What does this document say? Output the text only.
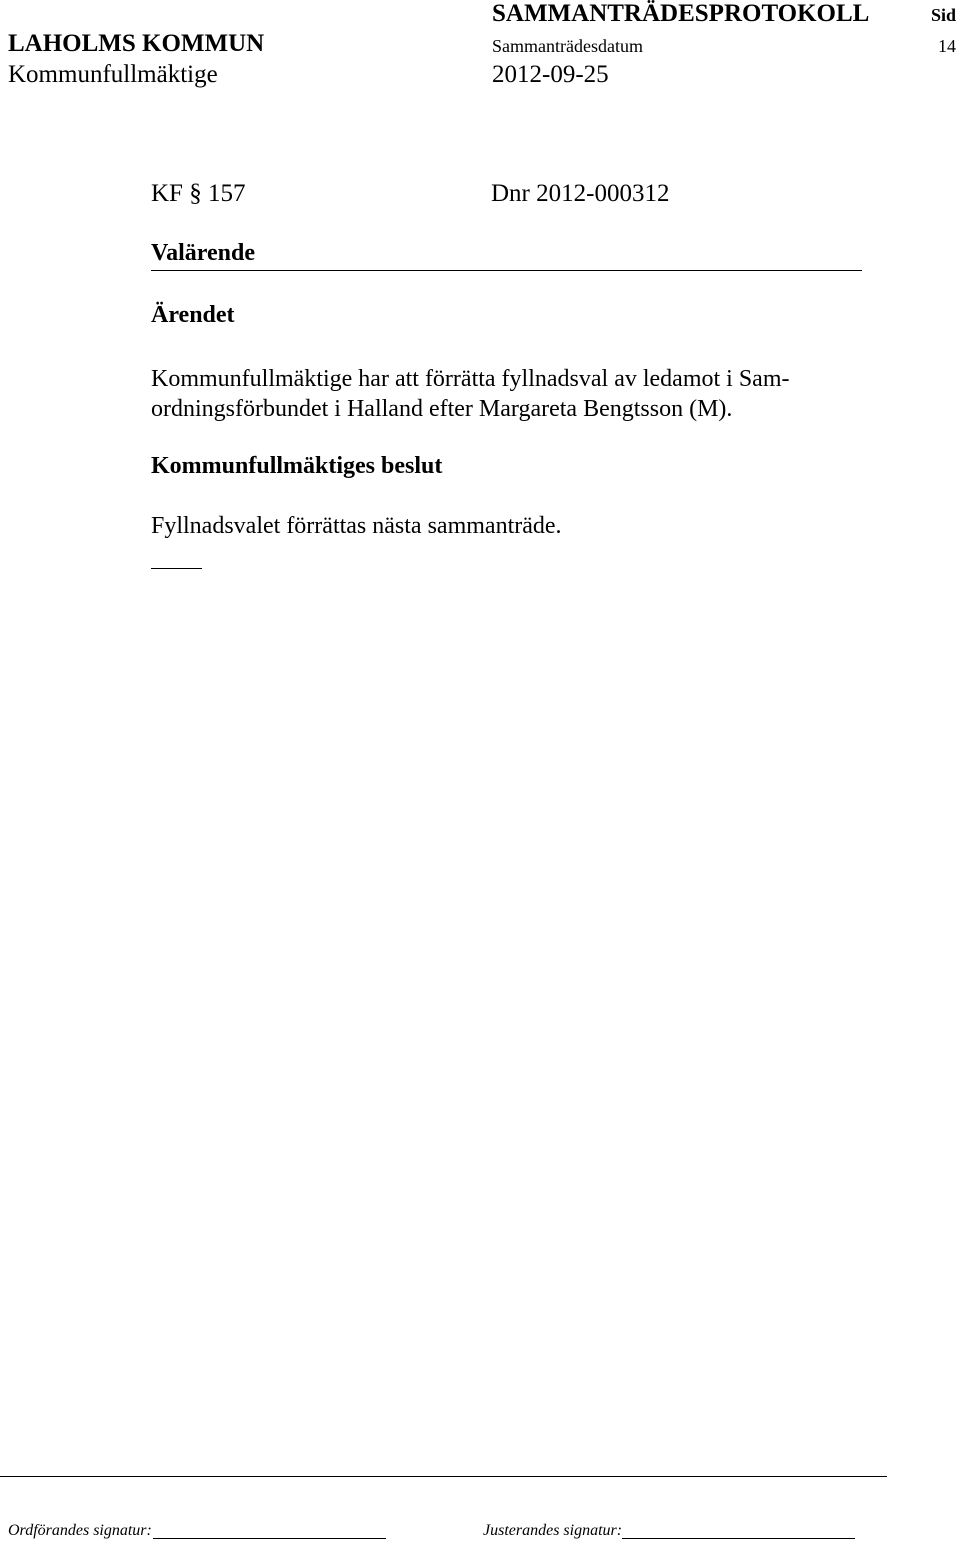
SAMMANTRÄDESPROTOKOLL	Sid
LAHOLMS KOMMUN	Sammanträdesdatum	14
Kommunfullmäktige	2012-09-25
KF § 157	Dnr 2012-000312
Valärende
Ärendet
Kommunfullmäktige har att förrätta fyllnadsval av ledamot i Sam-
ordningsförbundet i Halland efter Margareta Bengtsson (M).
Kommunfullmäktiges beslut
Fyllnadsvalet förrättas nästa sammanträde.
Ordförandes signatur:	Justerandes signatur:
